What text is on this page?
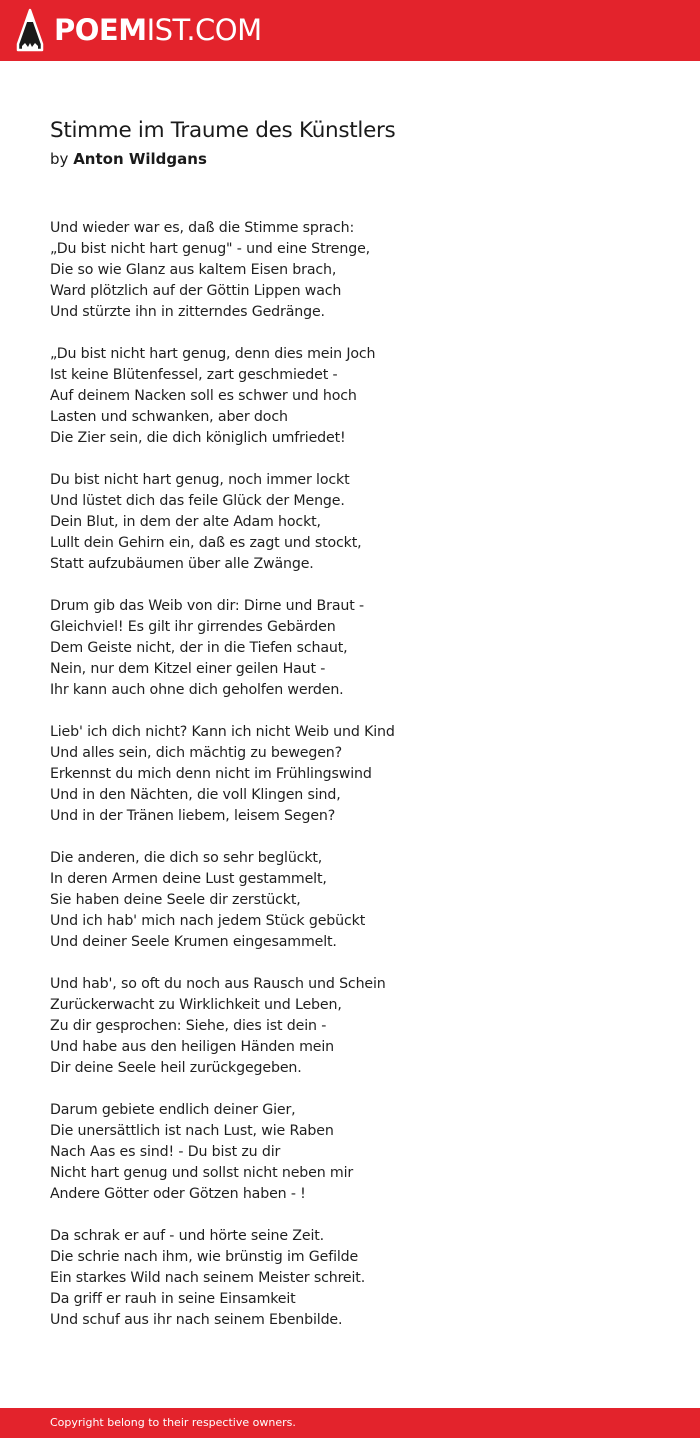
POEMIST.COM
Stimme im Traume des Künstlers
by Anton Wildgans
Und wieder war es, daß die Stimme sprach:
„Du bist nicht hart genug" - und eine Strenge,
Die so wie Glanz aus kaltem Eisen brach,
Ward plötzlich auf der Göttin Lippen wach
Und stürzte ihn in zitterndes Gedränge.
„Du bist nicht hart genug, denn dies mein Joch
Ist keine Blütenfessel, zart geschmiedet -
Auf deinem Nacken soll es schwer und hoch
Lasten und schwanken, aber doch
Die Zier sein, die dich königlich umfriedet!
Du bist nicht hart genug, noch immer lockt
Und lüstet dich das feile Glück der Menge.
Dein Blut, in dem der alte Adam hockt,
Lullt dein Gehirn ein, daß es zagt und stockt,
Statt aufzubäumen über alle Zwänge.
Drum gib das Weib von dir: Dirne und Braut -
Gleichviel! Es gilt ihr girrendes Gebärden
Dem Geiste nicht, der in die Tiefen schaut,
Nein, nur dem Kitzel einer geilen Haut -
Ihr kann auch ohne dich geholfen werden.
Lieb' ich dich nicht? Kann ich nicht Weib und Kind
Und alles sein, dich mächtig zu bewegen?
Erkennst du mich denn nicht im Frühlingswind
Und in den Nächten, die voll Klingen sind,
Und in der Tränen liebem, leisem Segen?
Die anderen, die dich so sehr beglückt,
In deren Armen deine Lust gestammelt,
Sie haben deine Seele dir zerstückt,
Und ich hab' mich nach jedem Stück gebückt
Und deiner Seele Krumen eingesammelt.
Und hab', so oft du noch aus Rausch und Schein
Zurückerwacht zu Wirklichkeit und Leben,
Zu dir gesprochen: Siehe, dies ist dein -
Und habe aus den heiligen Händen mein
Dir deine Seele heil zurückgegeben.
Darum gebiete endlich deiner Gier,
Die unersättlich ist nach Lust, wie Raben
Nach Aas es sind! - Du bist zu dir
Nicht hart genug und sollst nicht neben mir
Andere Götter oder Götzen haben - !
Da schrak er auf - und hörte seine Zeit.
Die schrie nach ihm, wie brünstig im Gefilde
Ein starkes Wild nach seinem Meister schreit.
Da griff er rauh in seine Einsamkeit
Und schuf aus ihr nach seinem Ebenbilde.
Copyright belong to their respective owners.
